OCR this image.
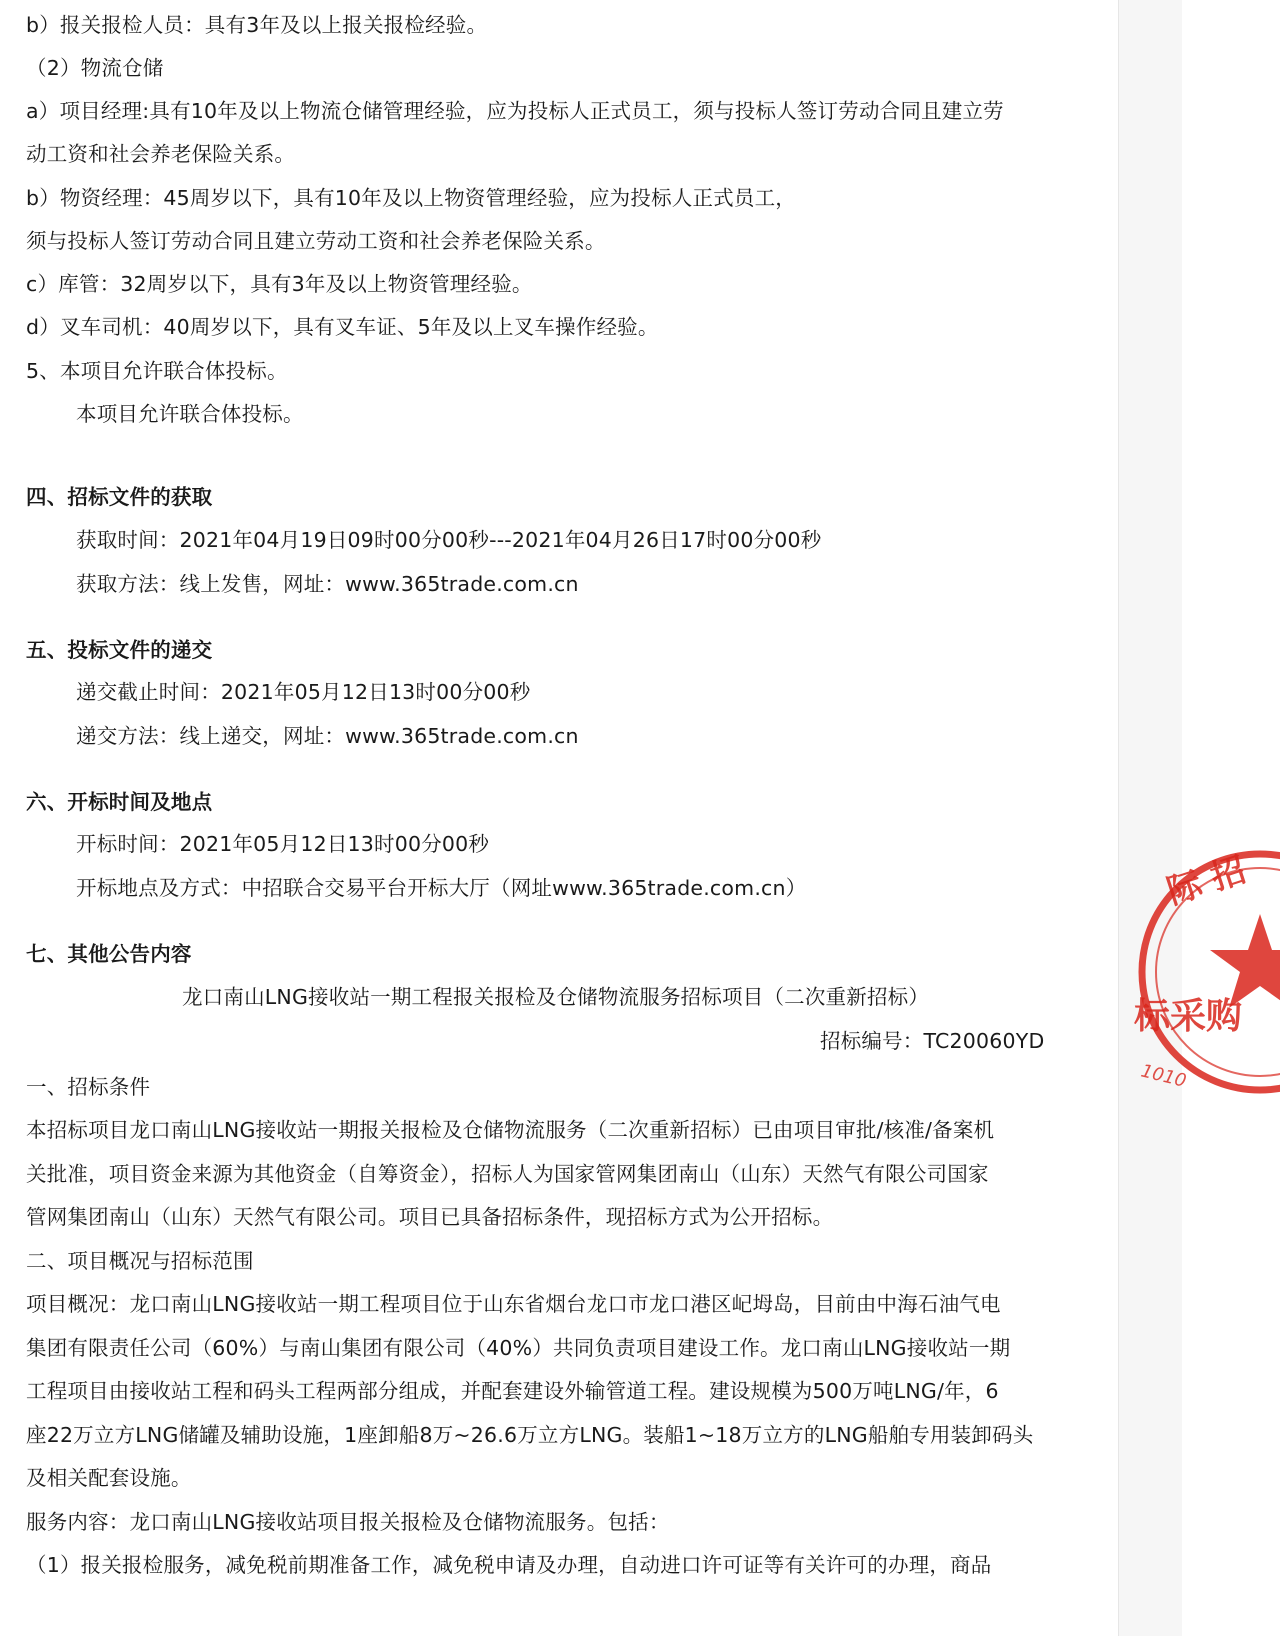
b）报关报检人员：具有3年及以上报关报检经验。
（2）物流仓储
a）项目经理:具有10年及以上物流仓储管理经验，应为投标人正式员工，须与投标人签订劳动合同且建立劳
动工资和社会养老保险关系。
b）物资经理：45周岁以下，具有10年及以上物资管理经验，应为投标人正式员工，
须与投标人签订劳动合同且建立劳动工资和社会养老保险关系。
c）库管：32周岁以下，具有3年及以上物资管理经验。
d）叉车司机：40周岁以下，具有叉车证、5年及以上叉车操作经验。
5、本项目允许联合体投标。
本项目允许联合体投标。
四、招标文件的获取
获取时间：2021年04月19日09时00分00秒---2021年04月26日17时00分00秒
获取方法：线上发售，网址：www.365trade.com.cn
五、投标文件的递交
递交截止时间：2021年05月12日13时00分00秒
递交方法：线上递交，网址：www.365trade.com.cn
六、开标时间及地点
开标时间：2021年05月12日13时00分00秒
开标地点及方式：中招联合交易平台开标大厅（网址www.365trade.com.cn）
七、其他公告内容
龙口南山LNG接收站一期工程报关报检及仓储物流服务招标项目（二次重新招标）
招标编号：TC20060YD
一、招标条件
本招标项目龙口南山LNG接收站一期报关报检及仓储物流服务（二次重新招标）已由项目审批/核准/备案机
关批准，项目资金来源为其他资金（自筹资金），招标人为国家管网集团南山（山东）天然气有限公司国家
管网集团南山（山东）天然气有限公司。项目已具备招标条件，现招标方式为公开招标。
二、项目概况与招标范围
项目概况：龙口南山LNG接收站一期工程项目位于山东省烟台龙口市龙口港区屺坶岛，目前由中海石油气电
集团有限责任公司（60%）与南山集团有限公司（40%）共同负责项目建设工作。龙口南山LNG接收站一期
工程项目由接收站工程和码头工程两部分组成，并配套建设外输管道工程。建设规模为500万吨LNG/年，6
座22万立方LNG储罐及辅助设施，1座卸船8万~26.6万立方LNG。装船1~18万立方的LNG船舶专用装卸码头
及相关配套设施。
服务内容：龙口南山LNG接收站项目报关报检及仓储物流服务。包括：
（1）报关报检服务，减免税前期准备工作，减免税申请及办理，自动进口许可证等有关许可的办理，商品
际 招
标采购
1010
